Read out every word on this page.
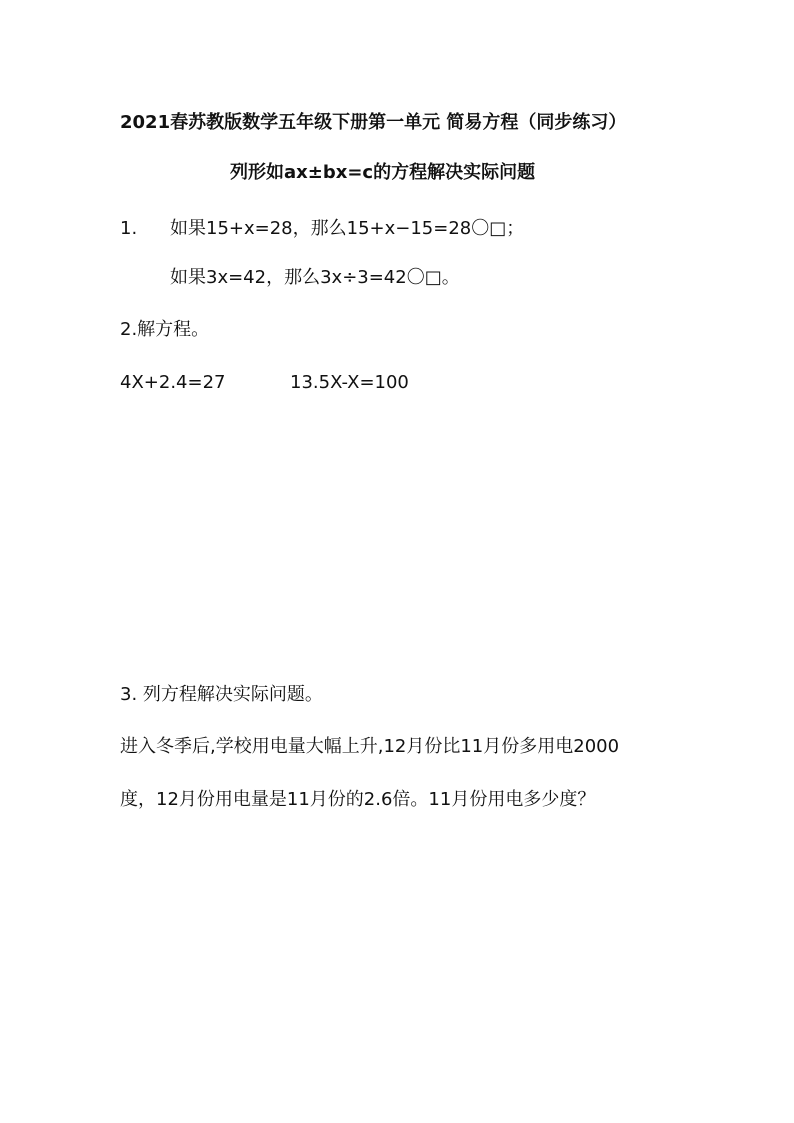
2021春苏教版数学五年级下册第一单元 简易方程（同步练习）
列形如ax±bx=c的方程解决实际问题
1. 如果15+x=28，那么15+x−15=28〇□；
如果3x=42，那么3x÷3=42〇□。
2.解方程。
4X+2.4=27	13.5X-X=100
3. 列方程解决实际问题。
进入冬季后,学校用电量大幅上升,12月份比11月份多用电2000
度，12月份用电量是11月份的2.6倍。11月份用电多少度？
